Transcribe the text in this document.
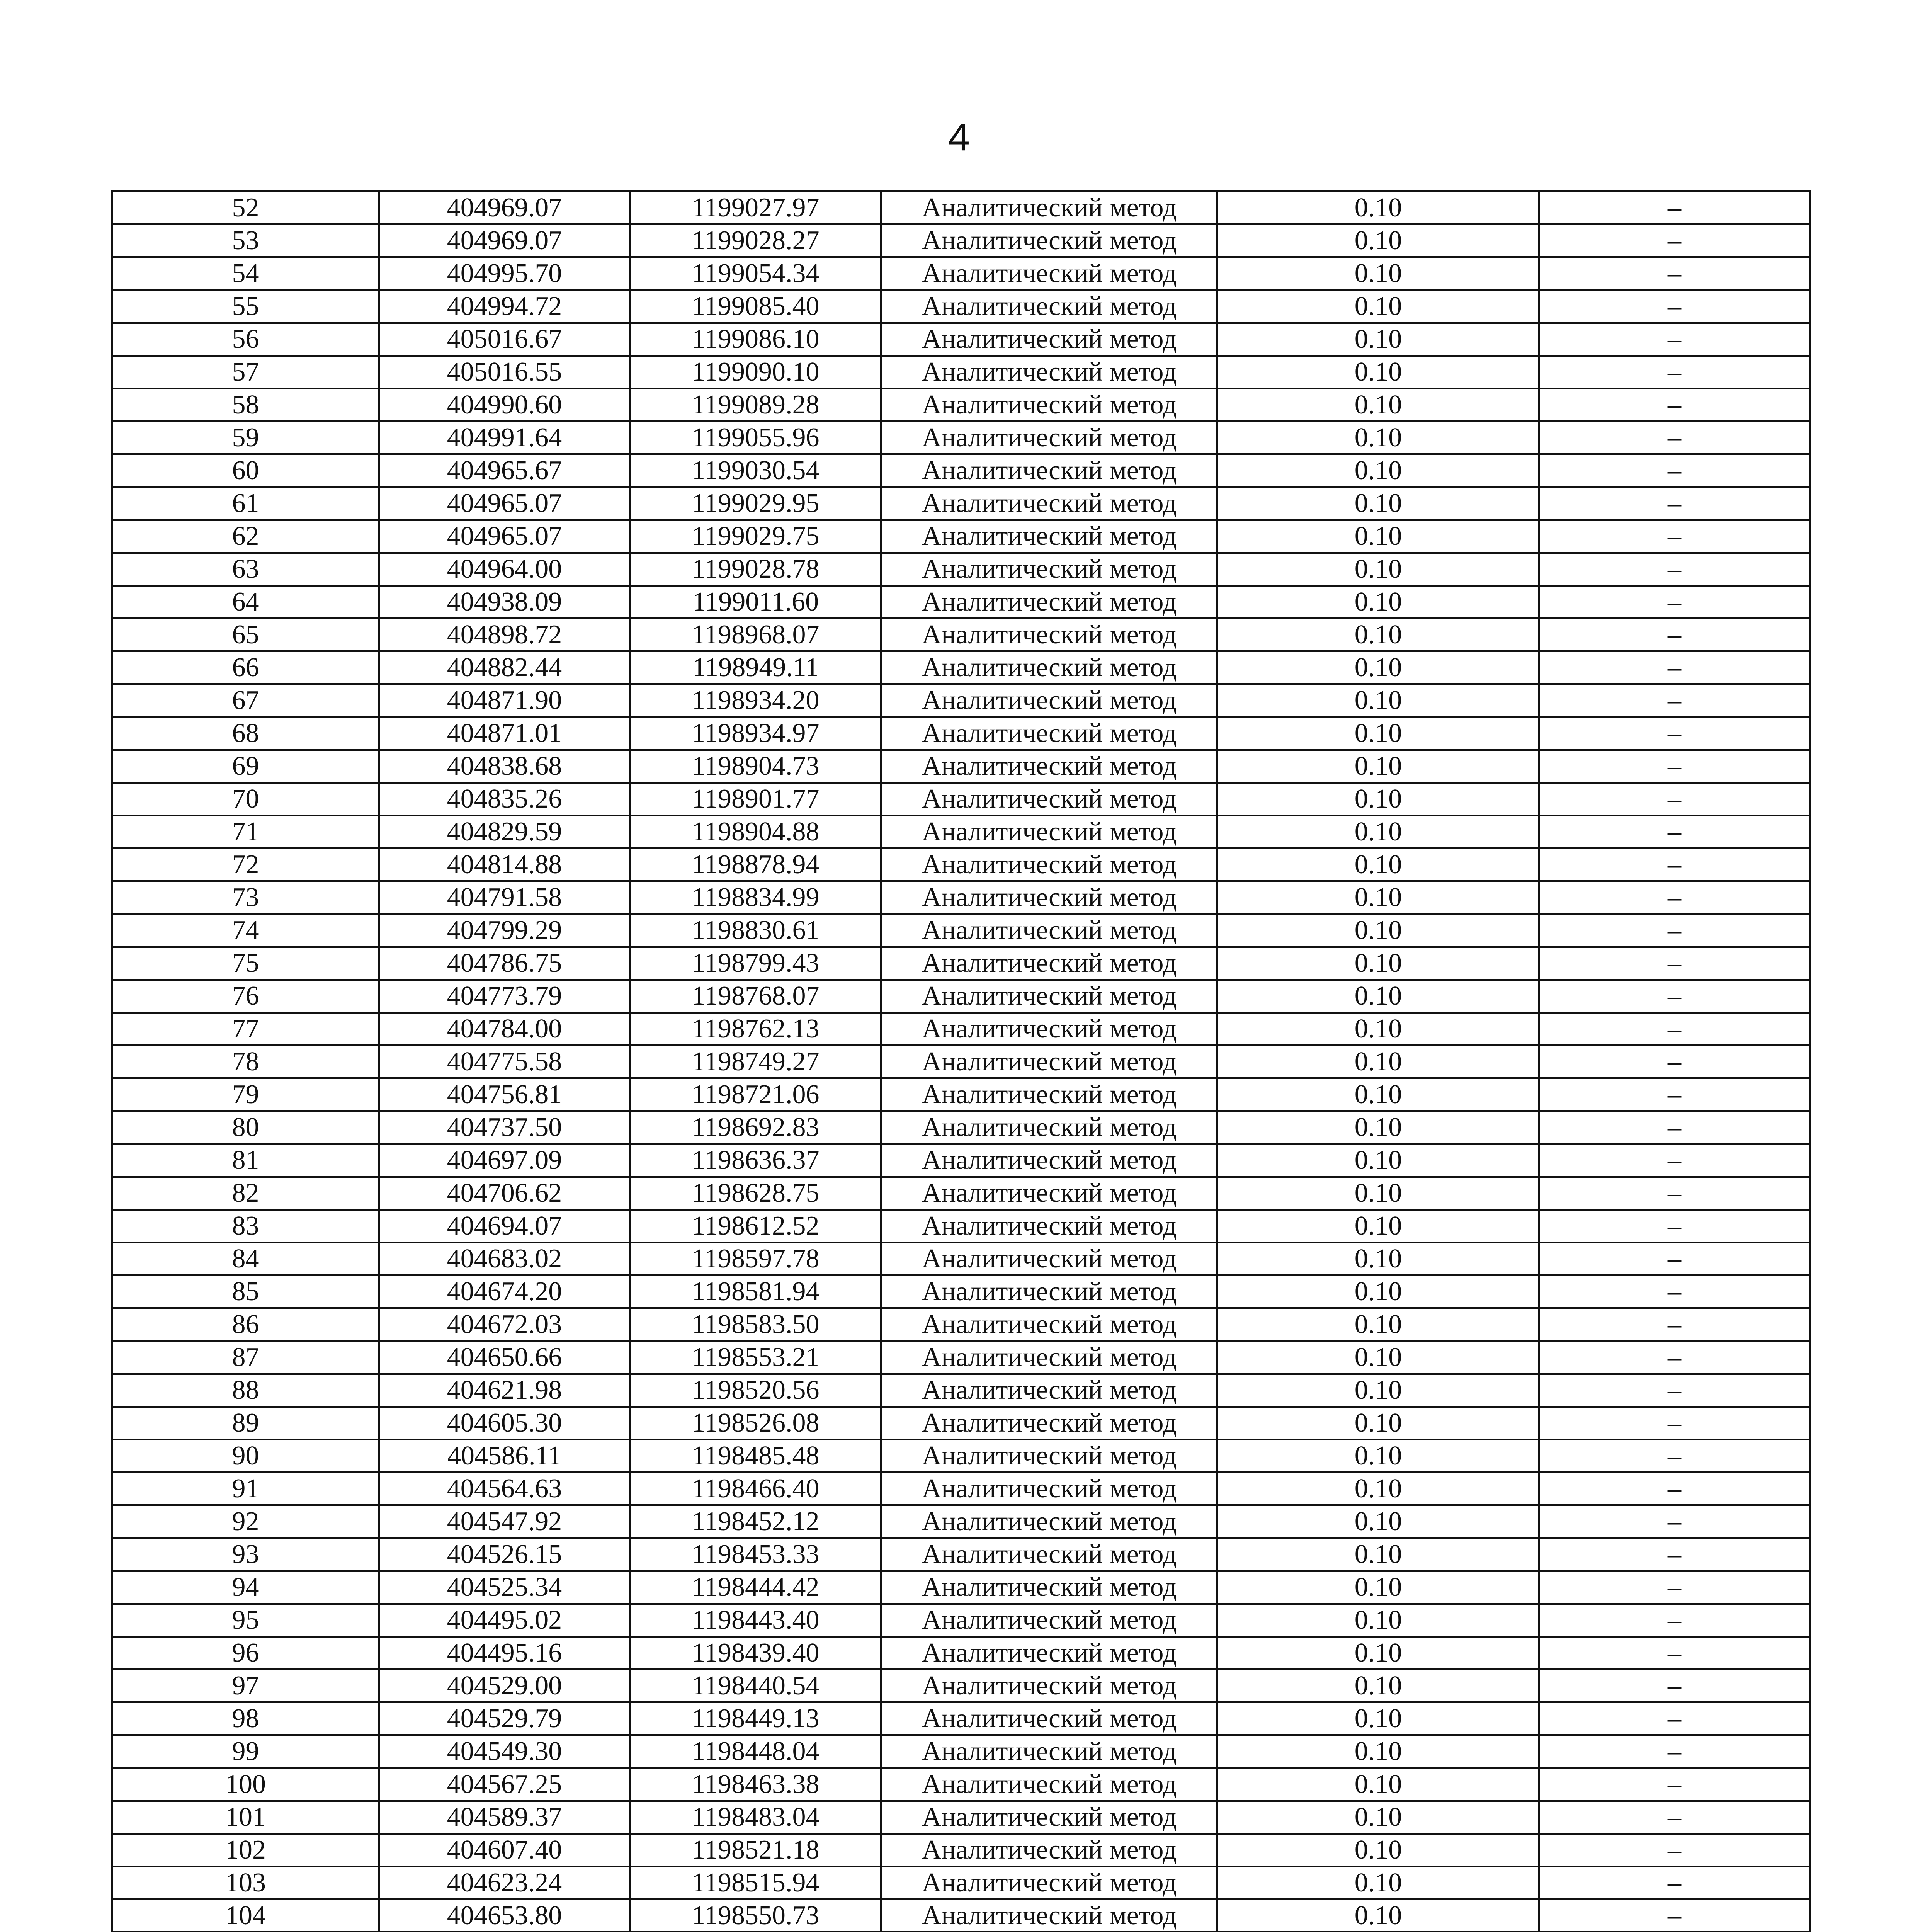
4
52	404969.07	1199027.97	Аналитический метод	0.10	–
53	404969.07	1199028.27	Аналитический метод	0.10	–
54	404995.70	1199054.34	Аналитический метод	0.10	–
55	404994.72	1199085.40	Аналитический метод	0.10	–
56	405016.67	1199086.10	Аналитический метод	0.10	–
57	405016.55	1199090.10	Аналитический метод	0.10	–
58	404990.60	1199089.28	Аналитический метод	0.10	–
59	404991.64	1199055.96	Аналитический метод	0.10	–
60	404965.67	1199030.54	Аналитический метод	0.10	–
61	404965.07	1199029.95	Аналитический метод	0.10	–
62	404965.07	1199029.75	Аналитический метод	0.10	–
63	404964.00	1199028.78	Аналитический метод	0.10	–
64	404938.09	1199011.60	Аналитический метод	0.10	–
65	404898.72	1198968.07	Аналитический метод	0.10	–
66	404882.44	1198949.11	Аналитический метод	0.10	–
67	404871.90	1198934.20	Аналитический метод	0.10	–
68	404871.01	1198934.97	Аналитический метод	0.10	–
69	404838.68	1198904.73	Аналитический метод	0.10	–
70	404835.26	1198901.77	Аналитический метод	0.10	–
71	404829.59	1198904.88	Аналитический метод	0.10	–
72	404814.88	1198878.94	Аналитический метод	0.10	–
73	404791.58	1198834.99	Аналитический метод	0.10	–
74	404799.29	1198830.61	Аналитический метод	0.10	–
75	404786.75	1198799.43	Аналитический метод	0.10	–
76	404773.79	1198768.07	Аналитический метод	0.10	–
77	404784.00	1198762.13	Аналитический метод	0.10	–
78	404775.58	1198749.27	Аналитический метод	0.10	–
79	404756.81	1198721.06	Аналитический метод	0.10	–
80	404737.50	1198692.83	Аналитический метод	0.10	–
81	404697.09	1198636.37	Аналитический метод	0.10	–
82	404706.62	1198628.75	Аналитический метод	0.10	–
83	404694.07	1198612.52	Аналитический метод	0.10	–
84	404683.02	1198597.78	Аналитический метод	0.10	–
85	404674.20	1198581.94	Аналитический метод	0.10	–
86	404672.03	1198583.50	Аналитический метод	0.10	–
87	404650.66	1198553.21	Аналитический метод	0.10	–
88	404621.98	1198520.56	Аналитический метод	0.10	–
89	404605.30	1198526.08	Аналитический метод	0.10	–
90	404586.11	1198485.48	Аналитический метод	0.10	–
91	404564.63	1198466.40	Аналитический метод	0.10	–
92	404547.92	1198452.12	Аналитический метод	0.10	–
93	404526.15	1198453.33	Аналитический метод	0.10	–
94	404525.34	1198444.42	Аналитический метод	0.10	–
95	404495.02	1198443.40	Аналитический метод	0.10	–
96	404495.16	1198439.40	Аналитический метод	0.10	–
97	404529.00	1198440.54	Аналитический метод	0.10	–
98	404529.79	1198449.13	Аналитический метод	0.10	–
99	404549.30	1198448.04	Аналитический метод	0.10	–
100	404567.25	1198463.38	Аналитический метод	0.10	–
101	404589.37	1198483.04	Аналитический метод	0.10	–
102	404607.40	1198521.18	Аналитический метод	0.10	–
103	404623.24	1198515.94	Аналитический метод	0.10	–
104	404653.80	1198550.73	Аналитический метод	0.10	–
